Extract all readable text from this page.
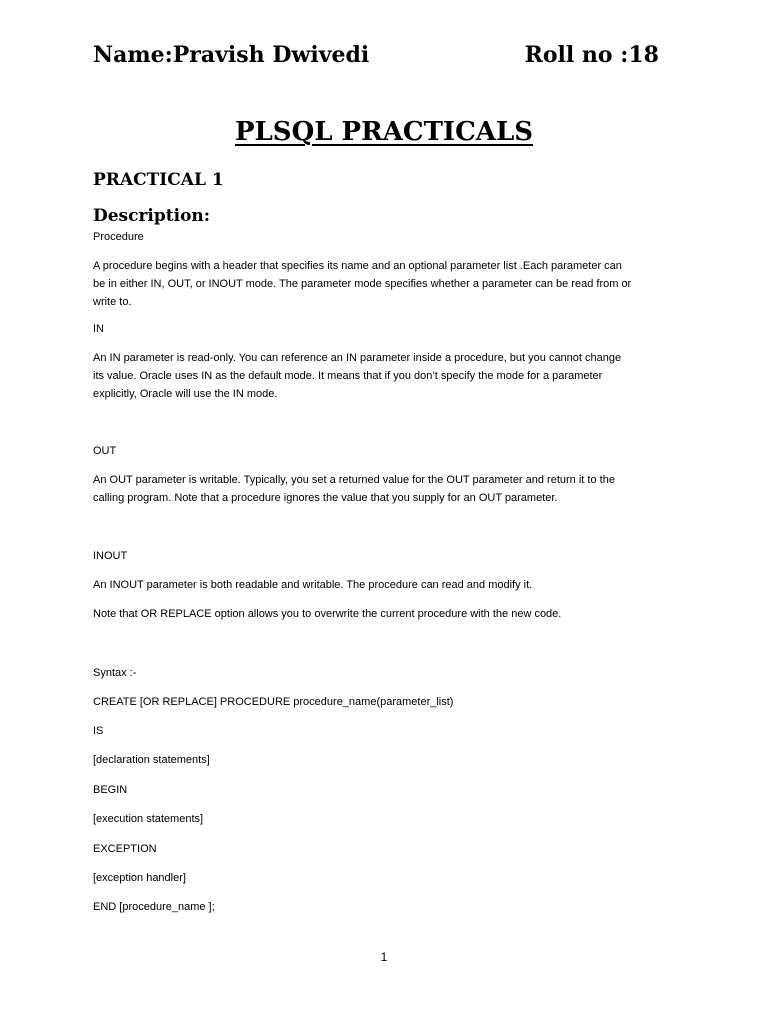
Name:Pravish Dwivedi	Roll no :18
PLSQL PRACTICALS
PRACTICAL 1
Description:
Procedure
A procedure begins with a header that specifies its name and an optional parameter list .Each parameter can
be in either IN, OUT, or INOUT mode. The parameter mode specifies whether a parameter can be read from or
write to.
IN
An IN parameter is read-only. You can reference an IN parameter inside a procedure, but you cannot change
its value. Oracle uses IN as the default mode. It means that if you don’t specify the mode for a parameter
explicitly, Oracle will use the IN mode.
OUT
An OUT parameter is writable. Typically, you set a returned value for the OUT parameter and return it to the
calling program. Note that a procedure ignores the value that you supply for an OUT parameter.
INOUT
An INOUT parameter is both readable and writable. The procedure can read and modify it.
Note that OR REPLACE option allows you to overwrite the current procedure with the new code.
Syntax :-
CREATE [OR REPLACE] PROCEDURE procedure_name(parameter_list)
IS
[declaration statements]
BEGIN
[execution statements]
EXCEPTION
[exception handler]
END [procedure_name ];
1
